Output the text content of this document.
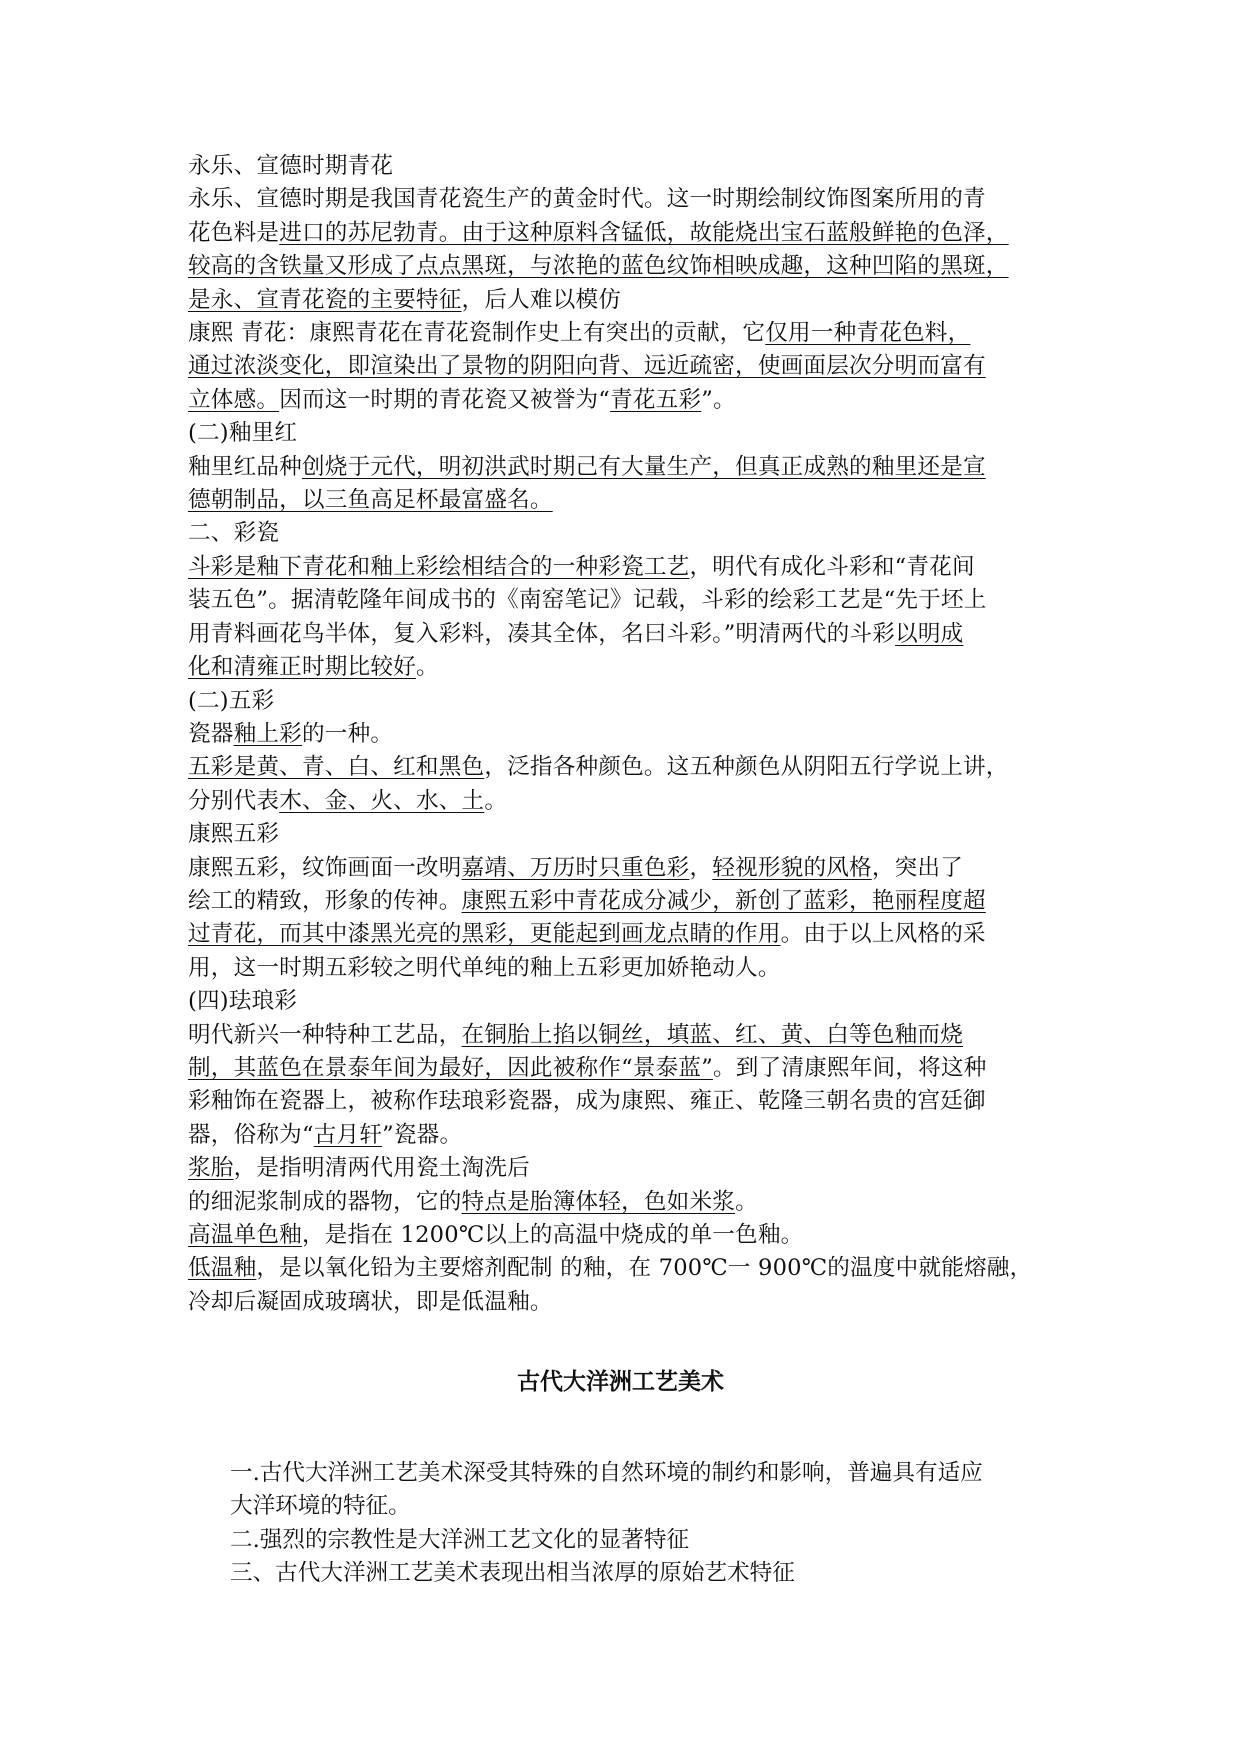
永乐、宣德时期青花

永乐、宣德时期是我国青花瓷生产的黄金时代。这一时期绘制纹饰图案所用的青

花色料是进口的苏尼勃青。由于这种原料含锰低，故能烧出宝石蓝般鲜艳的色泽，

较高的含铁量又形成了点点黑斑，与浓艳的蓝色纹饰相映成趣，这种凹陷的黑斑，

是永、宣青花瓷的主要特征，后人难以模仿

康熙 青花：康熙青花在青花瓷制作史上有突出的贡献，它仅用一种青花色料，

通过浓淡变化，即渲染出了景物的阴阳向背、远近疏密，使画面层次分明而富有

立体感。因而这一时期的青花瓷又被誉为“青花五彩”。

(二)釉里红

釉里红品种创烧于元代，明初洪武时期己有大量生产，但真正成熟的釉里还是宣

德朝制品，以三鱼高足杯最富盛名。

二、彩瓷

斗彩是釉下青花和釉上彩绘相结合的一种彩瓷工艺，明代有成化斗彩和“青花间

装五色”。据清乾隆年间成书的《南窑笔记》记载，斗彩的绘彩工艺是“先于坯上

用青料画花鸟半体，复入彩料，凑其全体，名曰斗彩。”明清两代的斗彩以明成

化和清雍正时期比较好。

(二)五彩

瓷器釉上彩的一种。

五彩是黄、青、白、红和黑色，泛指各种颜色。这五种颜色从阴阳五行学说上讲，

分别代表木、金、火、水、土。

康熙五彩

康熙五彩，纹饰画面一改明嘉靖、万历时只重色彩，轻视形貌的风格，突出了

绘工的精致，形象的传神。康熙五彩中青花成分减少，新创了蓝彩，艳丽程度超

过青花，而其中漆黑光亮的黑彩，更能起到画龙点睛的作用。由于以上风格的采

用，这一时期五彩较之明代单纯的釉上五彩更加娇艳动人。

(四)珐琅彩

明代新兴一种特种工艺品，在铜胎上掐以铜丝，填蓝、红、黄、白等色釉而烧

制，其蓝色在景泰年间为最好，因此被称作“景泰蓝”。到了清康熙年间，将这种

彩釉饰在瓷器上，被称作珐琅彩瓷器，成为康熙、雍正、乾隆三朝名贵的宫廷御

器，俗称为“古月轩”瓷器。

浆胎，是指明清两代用瓷土淘洗后

的细泥浆制成的器物，它的特点是胎簿体轻，色如米浆。

高温单色釉，是指在 1200℃以上的高温中烧成的单一色釉。

低温釉，是以氧化铅为主要熔剂配制 的釉，在 700℃一 900℃的温度中就能熔融，

冷却后凝固成玻璃状，即是低温釉。

古代大洋洲工艺美术

一.古代大洋洲工艺美术深受其特殊的自然环境的制约和影响，普遍具有适应

大洋环境的特征。

二.强烈的宗教性是大洋洲工艺文化的显著特征

三、古代大洋洲工艺美术表现出相当浓厚的原始艺术特征
